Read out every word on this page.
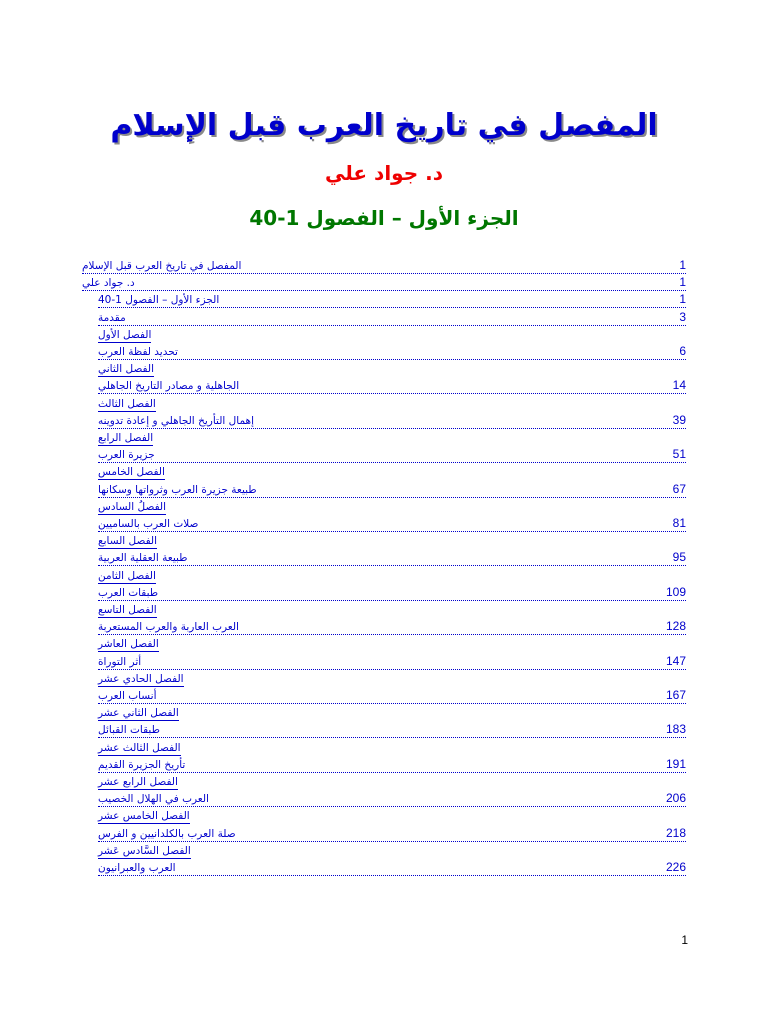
المفصل في تاريخ العرب قبل الإسلام
د. جواد علي
الجزء الأول – الفصول 1-40
المفصل في تاريخ العرب قبل الإسلام	1
د. جواد علي	1
الجزء الأول – الفصول 1-40	1
مقدمة	3
الفصل الأول
تحديد لفظة العرب	6
الفصل الثاني
الجاهلية و مصادر التاريخ الجاهلي	14
الفصل الثالث
إهمال التأريخ الجاهلي و إعادة تدوينه	39
الفصل الرابع
جزيرة العرب	51
الفصل الخامس
طبيعة جزيرة العرب وثرواتها وسكانها	67
الفصلُ السادس
صلات العرب بالساميين	81
الفصل السابع
طبيعة العقلية العربية	95
الفصل الثامن
طبقات العرب	109
الفصل التاسع
العرب العاربة والعرب المستعربة	128
الفصل العاشر
أثر التوراة	147
الفصل الحادي عشر
أنساب العرب	167
الفصل الثاني عشر
طبقات القبائل	183
الفصل الثالث عشر
تأريخ الجزيرة القديم	191
الفصل الرابع عشر
العرب في الهلال الخصيب	206
الفصل الخامس عشر
صلة العرب بالكلدانيين و الفرس	218
الفصل السَّادس عَشر
العرب والعبرانيون	226
1
